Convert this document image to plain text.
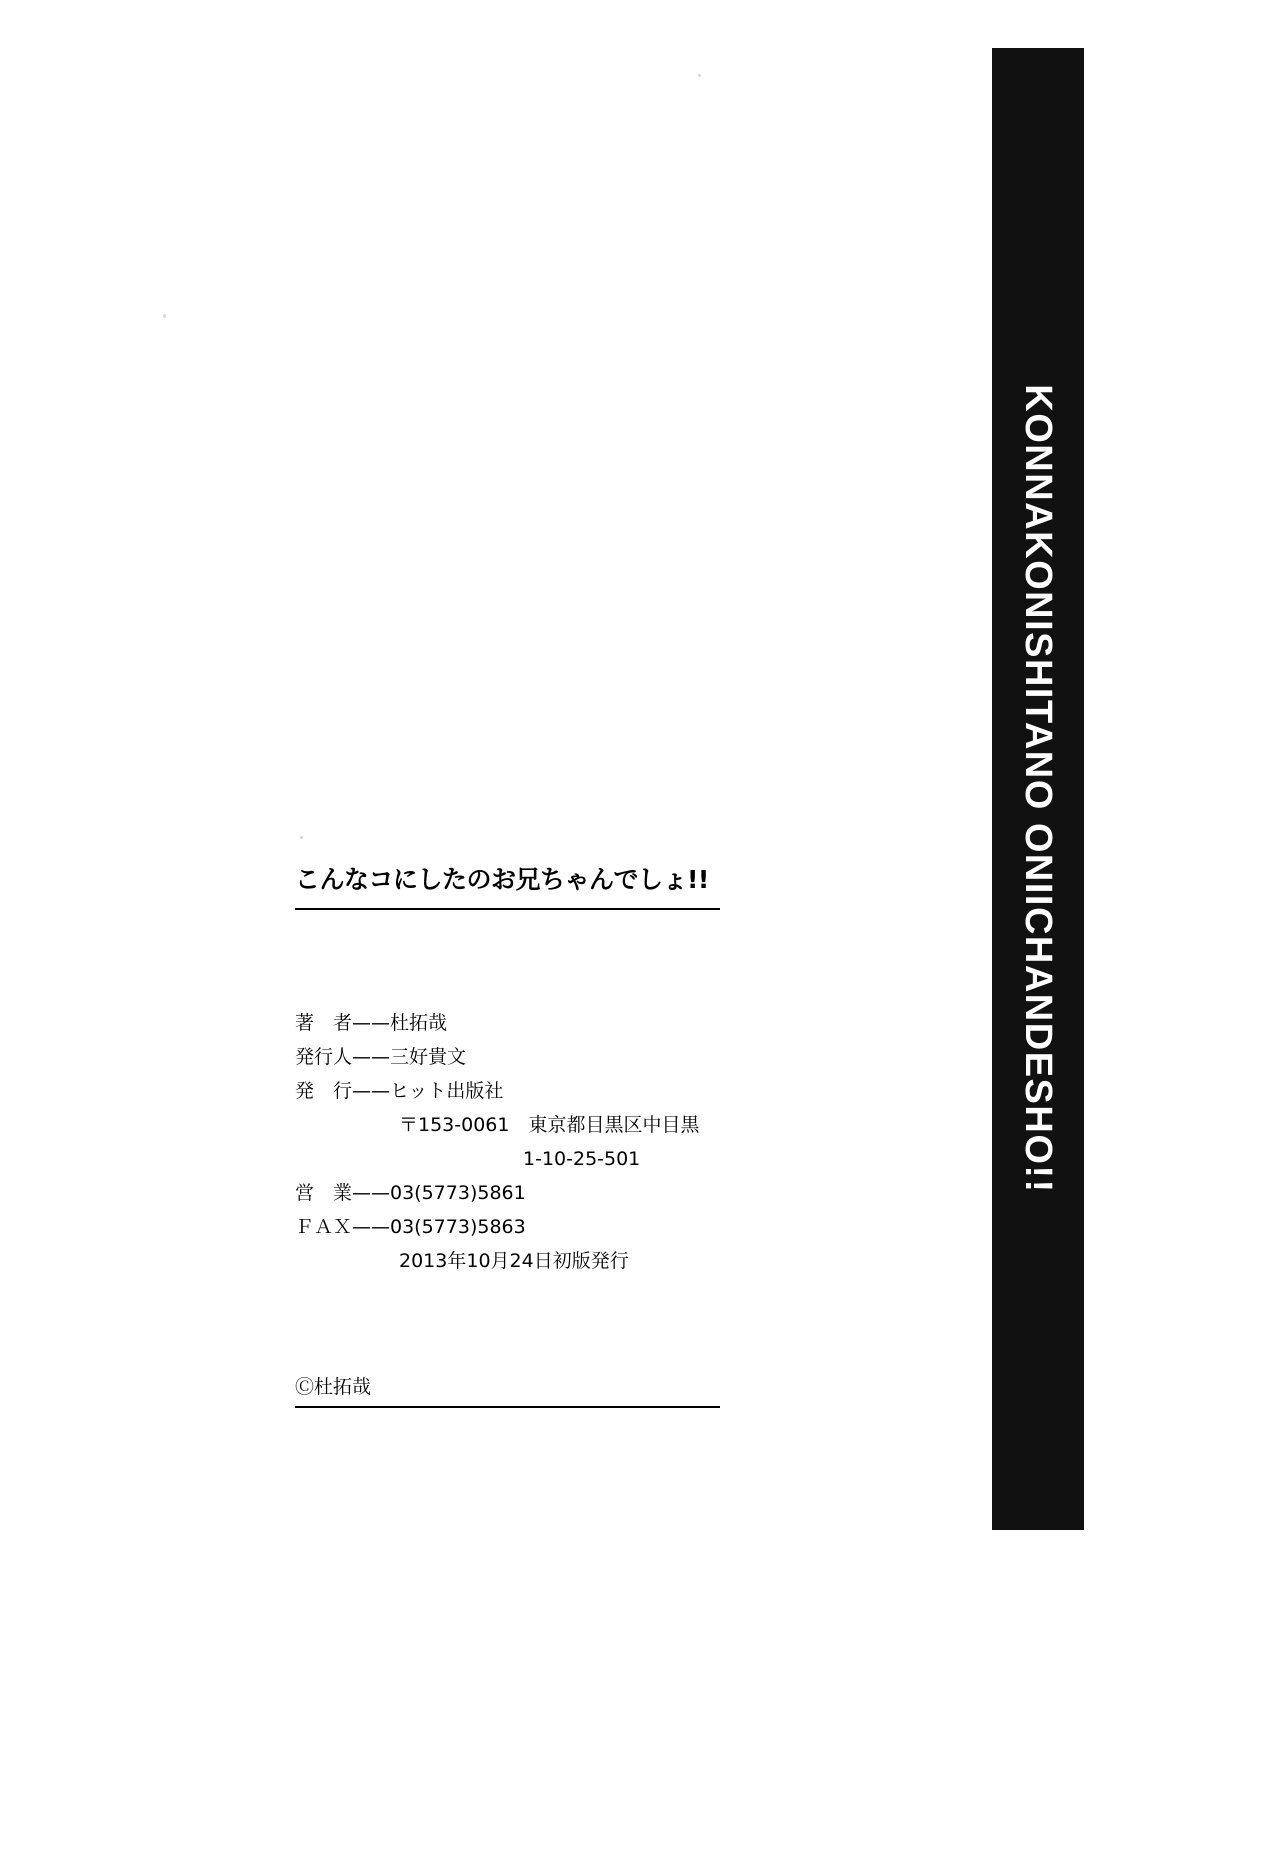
KONNAKONISHITANO ONIICHANDESHO!!
こんなコにしたのお兄ちゃんでしょ!!
著　者——杜拓哉
発行人——三好貴文
発　行——ヒット出版社
〒153-0061　東京都目黒区中目黒
1-10-25-501
営　業——03(5773)5861
ＦＡＸ——03(5773)5863
2013年10月24日初版発行
Ⓒ杜拓哉
